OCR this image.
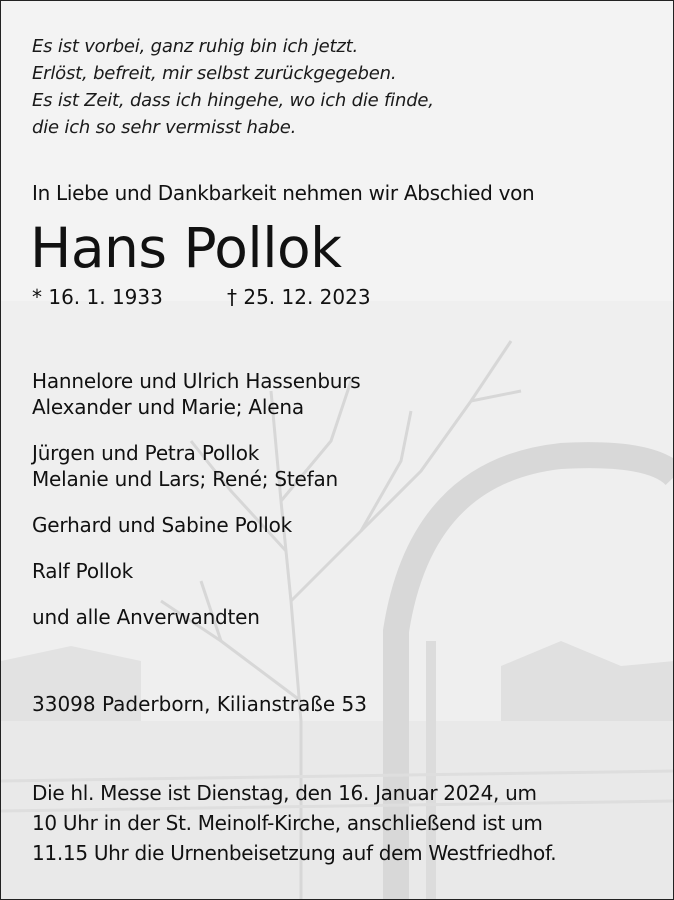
Es ist vorbei, ganz ruhig bin ich jetzt.
Erlöst, befreit, mir selbst zurückgegeben.
Es ist Zeit, dass ich hingehe, wo ich die finde,
die ich so sehr vermisst habe.
In Liebe und Dankbarkeit nehmen wir Abschied von
Hans Pollok
* 16. 1. 1933	† 25. 12. 2023
Hannelore und Ulrich Hassenburs
Alexander und Marie; Alena
Jürgen und Petra Pollok
Melanie und Lars; René; Stefan
Gerhard und Sabine Pollok
Ralf Pollok
und alle Anverwandten
33098 Paderborn, Kilianstraße 53
Die hl. Messe ist Dienstag, den 16. Januar 2024, um
10 Uhr in der St. Meinolf-Kirche, anschließend ist um
11.15 Uhr die Urnenbeisetzung auf dem Westfriedhof.
